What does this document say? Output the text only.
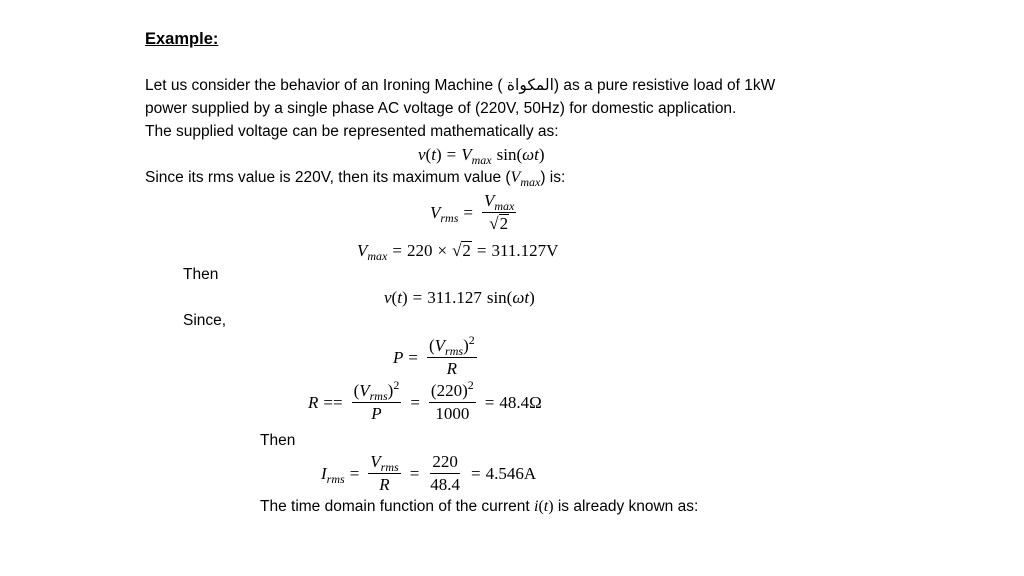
Example:
Let us consider the behavior of an Ironing Machine ( المكواة) as a pure resistive load of 1kW
power supplied by a single phase AC voltage of (220V, 50Hz) for domestic application.
The supplied voltage can be represented mathematically as:
$v(t) = V_{max}$ sin(ωt)
Since its rms value is 220V, then its maximum value $(V_{max})$ is:
$V_{rms} = \frac{V_{max}}{√ 2}$
$V_{max} = 220$ × √ 2 = 311.127V
Then
v(t) = 311.127 sin(ωt)
Since,
$P = \frac{(V_{rms})^2}{R}$
$R == \frac{(V_{rms})^2}{P} = \frac{(220)^2}{1000} = 48.4\Omega$
Then
$I_{rms} = \frac{V_{rms}}{R} = \frac{220}{48.4} = 4.546A$
The time domain function of the current i(t) is already known as:
